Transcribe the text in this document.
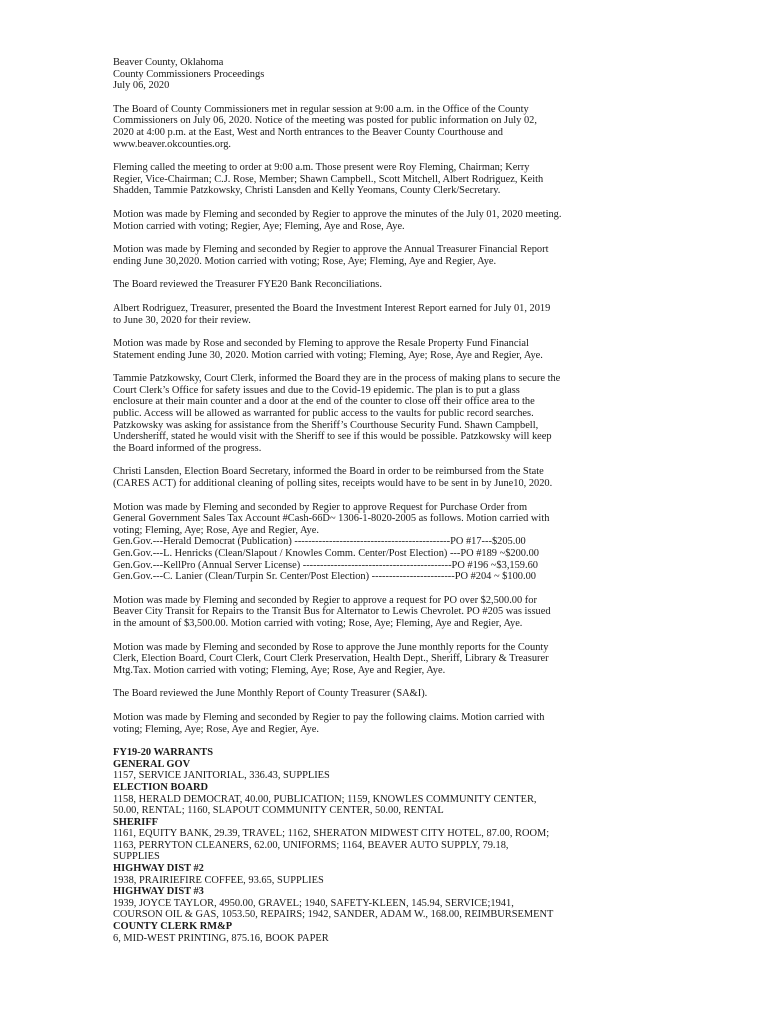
Beaver County, Oklahoma
County Commissioners Proceedings
July 06, 2020
The Board of County Commissioners met in regular session at 9:00 a.m. in the Office of the County
Commissioners on July 06, 2020. Notice of the meeting was posted for public information on July 02,
2020 at 4:00 p.m. at the East, West and North entrances to the Beaver County Courthouse and
www.beaver.okcounties.org.
Fleming called the meeting to order at 9:00 a.m. Those present were Roy Fleming, Chairman; Kerry
Regier, Vice-Chairman; C.J. Rose, Member; Shawn Campbell., Scott Mitchell, Albert Rodriguez, Keith
Shadden, Tammie Patzkowsky, Christi Lansden and Kelly Yeomans, County Clerk/Secretary.
Motion was made by Fleming and seconded by Regier to approve the minutes of the July 01, 2020 meeting.
Motion carried with voting; Regier, Aye; Fleming, Aye and Rose, Aye.
Motion was made by Fleming and seconded by Regier to approve the Annual Treasurer Financial Report
ending June 30,2020. Motion carried with voting; Rose, Aye; Fleming, Aye and Regier, Aye.
The Board reviewed the Treasurer FYE20 Bank Reconciliations.
Albert Rodriguez, Treasurer, presented the Board the Investment Interest Report earned for July 01, 2019
to June 30, 2020 for their review.
Motion was made by Rose and seconded by Fleming to approve the Resale Property Fund Financial
Statement ending June 30, 2020. Motion carried with voting; Fleming, Aye; Rose, Aye and Regier, Aye.
Tammie Patzkowsky, Court Clerk, informed the Board they are in the process of making plans to secure the
Court Clerk’s Office for safety issues and due to the Covid-19 epidemic. The plan is to put a glass
enclosure at their main counter and a door at the end of the counter to close off their office area to the
public. Access will be allowed as warranted for public access to the vaults for public record searches.
Patzkowsky was asking for assistance from the Sheriff’s Courthouse Security Fund. Shawn Campbell,
Undersheriff, stated he would visit with the Sheriff to see if this would be possible. Patzkowsky will keep
the Board informed of the progress.
Christi Lansden, Election Board Secretary, informed the Board in order to be reimbursed from the State
(CARES ACT) for additional cleaning of polling sites, receipts would have to be sent in by June10, 2020.
Motion was made by Fleming and seconded by Regier to approve Request for Purchase Order from
General Government Sales Tax Account #Cash-66D~ 1306-1-8020-2005 as follows. Motion carried with
voting; Fleming, Aye; Rose, Aye and Regier, Aye.
Gen.Gov.---Herald Democrat (Publication) ---------------------------------------------PO #17---$205.00
Gen.Gov.---L. Henricks (Clean/Slapout / Knowles Comm. Center/Post Election) ---PO #189 ~$200.00
Gen.Gov.---KellPro (Annual Server License) -------------------------------------------PO #196 ~$3,159.60
Gen.Gov.---C. Lanier (Clean/Turpin Sr. Center/Post Election) ------------------------PO #204 ~ $100.00
Motion was made by Fleming and seconded by Regier to approve a request for PO over $2,500.00 for
Beaver City Transit for Repairs to the Transit Bus for Alternator to Lewis Chevrolet. PO #205 was issued
in the amount of $3,500.00. Motion carried with voting; Rose, Aye; Fleming, Aye and Regier, Aye.
Motion was made by Fleming and seconded by Rose to approve the June monthly reports for the County
Clerk, Election Board, Court Clerk, Court Clerk Preservation, Health Dept., Sheriff, Library & Treasurer
Mtg.Tax. Motion carried with voting; Fleming, Aye; Rose, Aye and Regier, Aye.
The Board reviewed the June Monthly Report of County Treasurer (SA&I).
Motion was made by Fleming and seconded by Regier to pay the following claims. Motion carried with
voting; Fleming, Aye; Rose, Aye and Regier, Aye.
FY19-20 WARRANTS
GENERAL GOV
1157, SERVICE JANITORIAL, 336.43, SUPPLIES
ELECTION BOARD
1158, HERALD DEMOCRAT, 40.00, PUBLICATION; 1159, KNOWLES COMMUNITY CENTER,
50.00, RENTAL; 1160, SLAPOUT COMMUNITY CENTER, 50.00, RENTAL
SHERIFF
1161, EQUITY BANK, 29.39, TRAVEL; 1162, SHERATON MIDWEST CITY HOTEL, 87.00, ROOM;
1163, PERRYTON CLEANERS, 62.00, UNIFORMS; 1164, BEAVER AUTO SUPPLY, 79.18,
SUPPLIES
HIGHWAY DIST #2
1938, PRAIRIEFIRE COFFEE, 93.65, SUPPLIES
HIGHWAY DIST #3
1939, JOYCE TAYLOR, 4950.00, GRAVEL; 1940, SAFETY-KLEEN, 145.94, SERVICE;1941,
COURSON OIL & GAS, 1053.50, REPAIRS; 1942, SANDER, ADAM W., 168.00, REIMBURSEMENT
COUNTY CLERK RM&P
6, MID-WEST PRINTING, 875.16, BOOK PAPER
